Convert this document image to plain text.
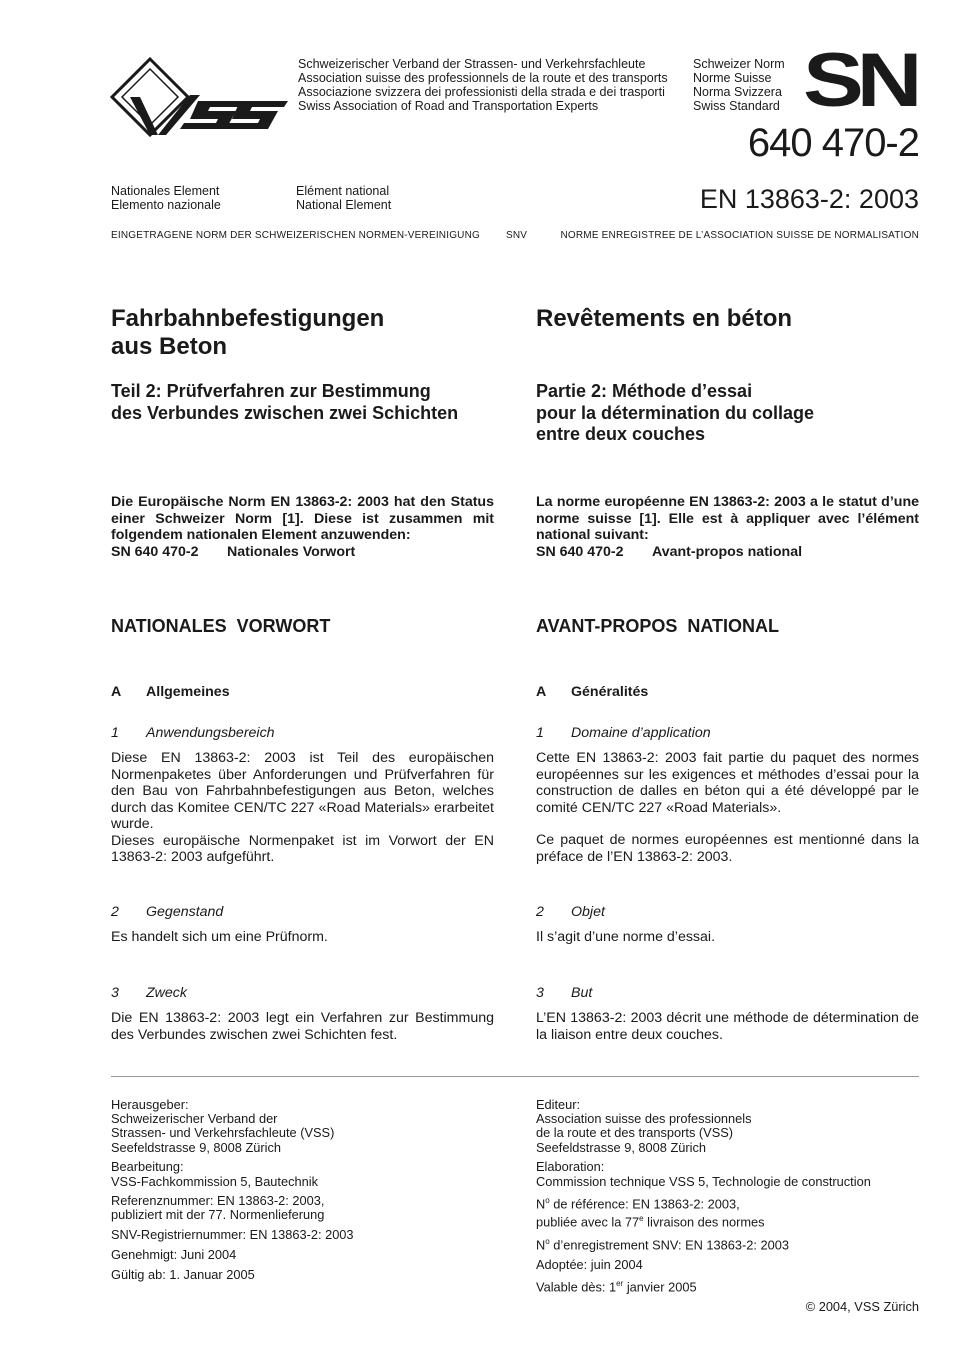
Schweizerischer Verband der Strassen- und Verkehrsfachleute
Association suisse des professionnels de la route et des transports
Associazione svizzera dei professionisti della strada e dei trasporti
Swiss Association of Road and Transportation Experts
Schweizer Norm
Norme Suisse
Norma Svizzera
Swiss Standard SN
640 470-2
Nationales Element
Elemento nazionale
Elément national
National Element	EN 13863-2: 2003
EINGETRAGENE NORM DER SCHWEIZERISCHEN NORMEN-VEREINIGUNG	SNV	NORME ENREGISTREE DE L’ASSOCIATION SUISSE DE NORMALISATION
Fahrbahnbefestigungen
aus Beton
Teil 2: Prüfverfahren zur Bestimmung
des Verbundes zwischen zwei Schichten
Die Europäische Norm EN 13863-2: 2003 hat den Status einer Schweizer Norm [1]. Diese ist zusammen mit folgendem nationalen Element anzuwenden:
SN 640 470-2 Nationales Vorwort
NATIONALES  VORWORT
A Allgemeines
1 Anwendungsbereich
Diese EN 13863-2: 2003 ist Teil des europäischen Normenpaketes über Anforderungen und Prüfverfahren für den Bau von Fahrbahnbefestigungen aus Beton, welches durch das Komitee CEN/TC 227 «Road Materials» erarbeitet wurde.
Dieses europäische Normenpaket ist im Vorwort der EN 13863-2: 2003 aufgeführt.
2 Gegenstand
Es handelt sich um eine Prüfnorm.
3 Zweck
Die EN 13863-2: 2003 legt ein Verfahren zur Bestimmung des Verbundes zwischen zwei Schichten fest.
Revêtements en béton
Partie 2: Méthode d’essai
pour la détermination du collage
entre deux couches
La norme européenne EN 13863-2: 2003 a le statut d’une norme suisse [1]. Elle est à appliquer avec l’élément national suivant:
SN 640 470-2 Avant-propos national
AVANT-PROPOS  NATIONAL
A Généralités
1 Domaine d’application
Cette EN 13863-2: 2003 fait partie du paquet des normes européennes sur les exigences et méthodes d’essai pour la construction de dalles en béton qui a été développé par le comité CEN/TC 227 «Road Materials».
Ce paquet de normes européennes est mentionné dans la préface de l’EN 13863-2: 2003.
2 Objet
Il s’agit d’une norme d’essai.
3 But
L’EN 13863-2: 2003 décrit une méthode de détermination de la liaison entre deux couches.
Herausgeber:
Schweizerischer Verband der
Strassen- und Verkehrsfachleute (VSS)
Seefeldstrasse 9, 8008 Zürich
Bearbeitung:
VSS-Fachkommission 5, Bautechnik
Referenznummer: EN 13863-2: 2003,
publiziert mit der 77. Normenlieferung
SNV-Registriernummer: EN 13863-2: 2003
Genehmigt: Juni 2004
Gültig ab: 1. Januar 2005
Editeur:
Association suisse des professionnels
de la route et des transports (VSS)
Seefeldstrasse 9, 8008 Zürich
Elaboration:
Commission technique VSS 5, Technologie de construction
$N^o$ de référence: EN 13863-2: 2003,
publiée avec la 77e livraison des normes
$N^o$ d’enregistrement SNV: EN 13863-2: 2003
Adoptée: juin 2004
Valable dès: 1er janvier 2005
© 2004, VSS Zürich
